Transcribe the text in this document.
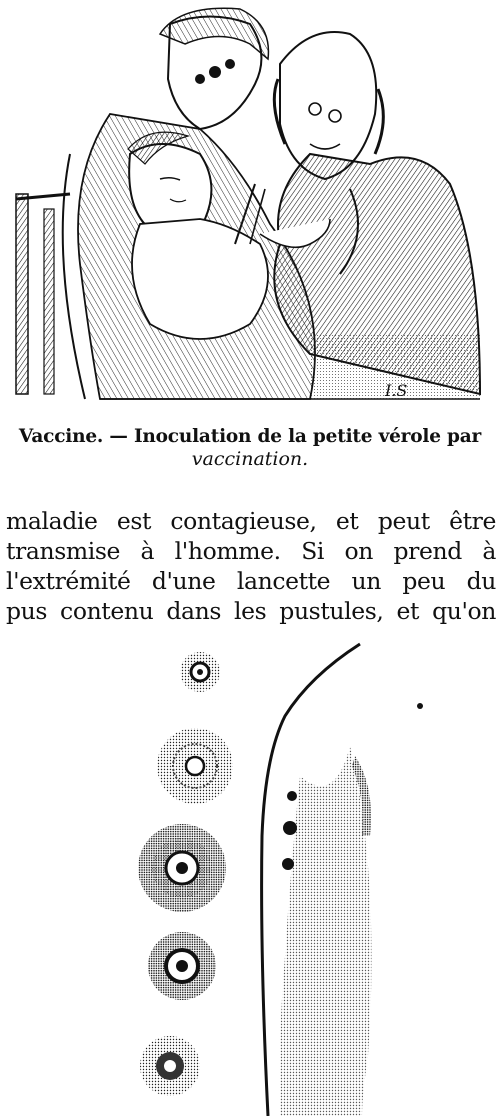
I.S
Vaccine. — Inoculation de la petite vérole par
vaccination.
maladie est contagieuse, et peut être
transmise à l'homme. Si on prend à
l'extrémité d'une lancette un peu du
pus contenu dans les pustules, et qu'on
